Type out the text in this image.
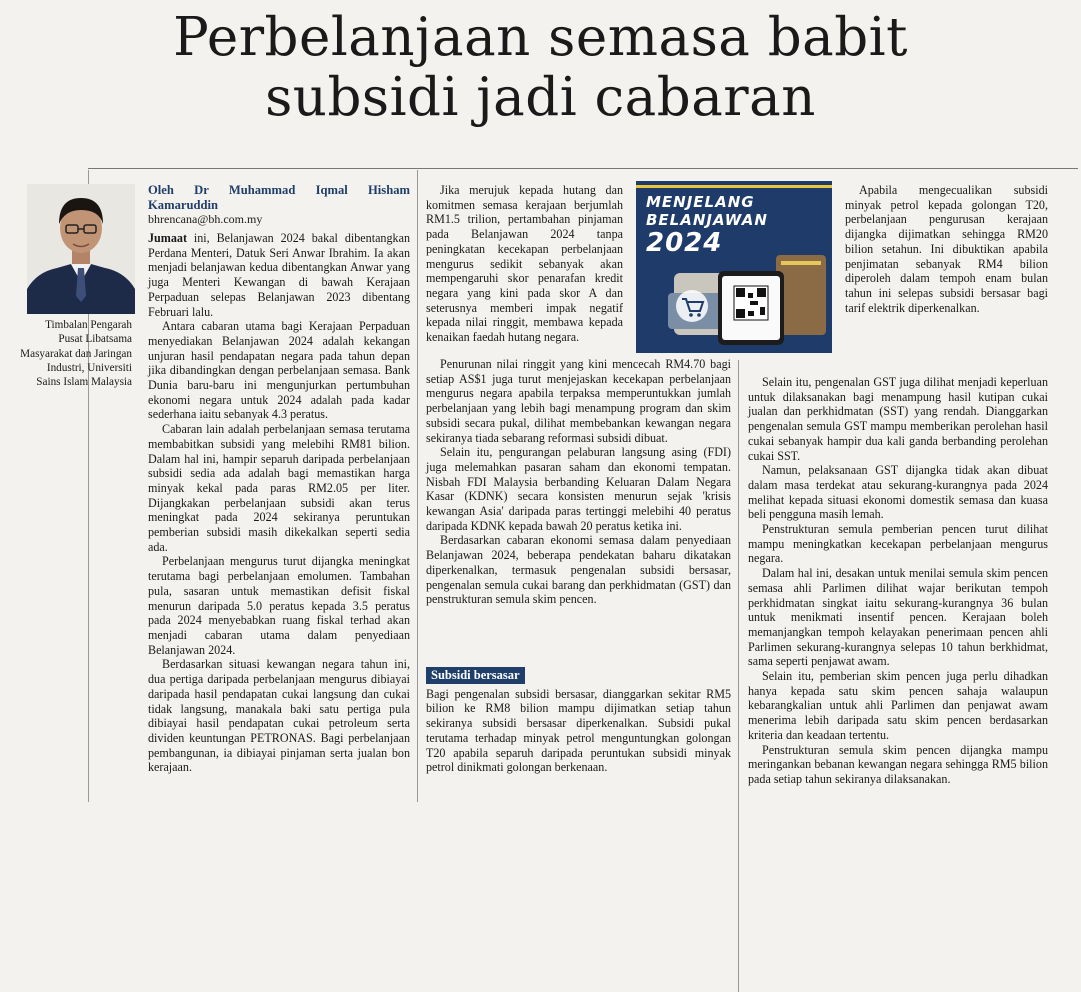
Perbelanjaan semasa babit
subsidi jadi cabaran
Timbalan Pengarah Pusat Libatsama Masyarakat dan Jaringan Industri, Universiti Sains Islam Malaysia
Oleh Dr Muhammad Iqmal Hisham Kamaruddin
bhrencana@bh.com.my

Jumaat ini, Belanjawan 2024 bakal dibentangkan Perdana Menteri, Datuk Seri Anwar Ibrahim. Ia akan menjadi belanjawan kedua dibentangkan Anwar yang juga Menteri Kewangan di bawah Kerajaan Perpaduan selepas Belanjawan 2023 dibentang Februari lalu.

Antara cabaran utama bagi Kerajaan Perpaduan menyediakan Belanjawan 2024 adalah kekangan unjuran hasil pendapatan negara pada tahun depan jika dibandingkan dengan perbelanjaan semasa. Bank Dunia baru-baru ini mengunjurkan pertumbuhan ekonomi negara untuk 2024 adalah pada kadar sederhana iaitu sebanyak 4.3 peratus.

Cabaran lain adalah perbelanjaan semasa terutama membabitkan subsidi yang melebihi RM81 bilion. Dalam hal ini, hampir separuh daripada perbelanjaan subsidi sedia ada adalah bagi memastikan harga minyak kekal pada paras RM2.05 per liter. Dijangkakan perbelanjaan subsidi akan terus meningkat pada 2024 sekiranya peruntukan pemberian subsidi masih dikekalkan seperti sedia ada.

Perbelanjaan mengurus turut dijangka meningkat terutama bagi perbelanjaan emolumen. Tambahan pula, sasaran untuk memastikan defisit fiskal menurun daripada 5.0 peratus kepada 3.5 peratus pada 2024 menyebabkan ruang fiskal terhad akan menjadi cabaran utama dalam penyediaan Belanjawan 2024.

Berdasarkan situasi kewangan negara tahun ini, dua pertiga daripada perbelanjaan mengurus dibiayai daripada hasil pendapatan cukai langsung dan cukai tidak langsung, manakala baki satu pertiga pula dibiayai hasil pendapatan cukai petroleum serta dividen keuntungan PETRONAS. Bagi perbelanjaan pembangunan, ia dibiayai pinjaman serta jualan bon kerajaan.

Jika merujuk kepada hutang dan komitmen semasa kerajaan berjumlah RM1.5 trilion, pertambahan pinjaman pada Belanjawan 2024 tanpa peningkatan kecekapan perbelanjaan mengurus sedikit sebanyak akan mempengaruhi skor penarafan kredit negara yang kini pada skor A dan seterusnya memberi impak negatif kepada nilai ringgit, membawa kepada kenaikan faedah hutang negara.

Penurunan nilai ringgit yang kini mencecah RM4.70 bagi setiap AS$1 juga turut menjejaskan kecekapan perbelanjaan mengurus negara apabila terpaksa memperuntukkan jumlah perbelanjaan yang lebih bagi menampung program dan skim subsidi secara pukal, dilihat membebankan kewangan negara sekiranya tiada sebarang reformasi subsidi dibuat.

Selain itu, pengurangan pelaburan langsung asing (FDI) juga melemahkan pasaran saham dan ekonomi tempatan. Nisbah FDI Malaysia berbanding Keluaran Dalam Negara Kasar (KDNK) secara konsisten menurun sejak 'krisis kewangan Asia' daripada paras tertinggi melebihi 40 peratus daripada KDNK kepada bawah 20 peratus ketika ini.

Berdasarkan cabaran ekonomi semasa dalam penyediaan Belanjawan 2024, beberapa pendekatan baharu dikatakan diperkenalkan, termasuk pengenalan subsidi bersasar, pengenalan semula cukai barang dan perkhidmatan (GST) dan penstrukturan semula skim pencen.

Subsidi bersasar

Bagi pengenalan subsidi bersasar, dianggarkan sekitar RM5 bilion ke RM8 bilion mampu dijimatkan setiap tahun sekiranya subsidi bersasar diperkenalkan. Subsidi pukal terutama terhadap minyak petrol menguntungkan golongan T20 apabila separuh daripada peruntukan subsidi minyak petrol dinikmati golongan berkenaan.

MENJELANG
BELANJAWAN
2024

Apabila mengecualikan subsidi minyak petrol kepada golongan T20, perbelanjaan pengurusan kerajaan dijangka dijimatkan sehingga RM20 bilion setahun. Ini dibuktikan apabila penjimatan sebanyak RM4 bilion diperoleh dalam tempoh enam bulan tahun ini selepas subsidi bersasar bagi tarif elektrik diperkenalkan.

Selain itu, pengenalan GST juga dilihat menjadi keperluan untuk dilaksanakan bagi menampung hasil kutipan cukai jualan dan perkhidmatan (SST) yang rendah. Dianggarkan pengenalan semula GST mampu memberikan perolehan hasil cukai sebanyak hampir dua kali ganda berbanding perolehan cukai SST.

Namun, pelaksanaan GST dijangka tidak akan dibuat dalam masa terdekat atau sekurang-kurangnya pada 2024 melihat kepada situasi ekonomi domestik semasa dan kuasa beli pengguna masih lemah.

Penstrukturan semula pemberian pencen turut dilihat mampu meningkatkan kecekapan perbelanjaan mengurus negara.

Dalam hal ini, desakan untuk menilai semula skim pencen semasa ahli Parlimen dilihat wajar berikutan tempoh perkhidmatan singkat iaitu sekurang-kurangnya 36 bulan untuk menikmati insentif pencen. Kerajaan boleh memanjangkan tempoh kelayakan penerimaan pencen ahli Parlimen sekurang-kurangnya selepas 10 tahun berkhidmat, sama seperti penjawat awam.

Selain itu, pemberian skim pencen juga perlu dihadkan hanya kepada satu skim pencen sahaja walaupun kebarangkalian untuk ahli Parlimen dan penjawat awam menerima lebih daripada satu skim pencen berdasarkan kriteria dan keadaan tertentu.

Penstrukturan semula skim pencen dijangka mampu meringankan bebanan kewangan negara sehingga RM5 bilion pada setiap tahun sekiranya dilaksanakan.
